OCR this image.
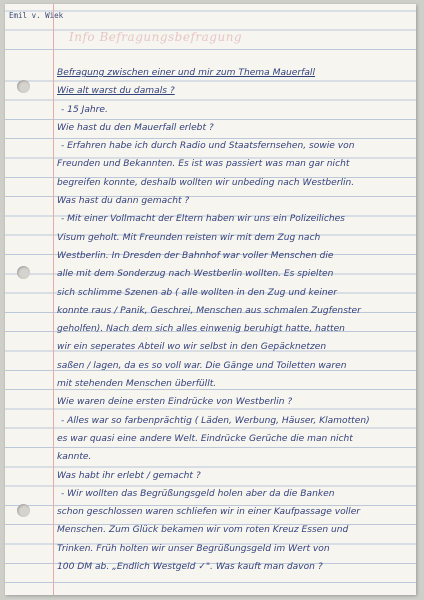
Emil v. Wiek
Info Befragungsbefragung
Befragung zwischen einer und mir zum Thema Mauerfall
Wie alt warst du damals ?
- 15 Jahre.
Wie hast du den Mauerfall erlebt ?
- Erfahren habe ich durch Radio und Staatsfernsehen, sowie von
Freunden und Bekannten. Es ist was passiert was man gar nicht
begreifen konnte, deshalb wollten wir unbeding nach Westberlin.
Was hast du dann gemacht ?
- Mit einer Vollmacht der Eltern haben wir uns ein Polizeiliches
Visum geholt. Mit Freunden reisten wir mit dem Zug nach
Westberlin. In Dresden der Bahnhof war voller Menschen die
alle mit dem Sonderzug nach Westberlin wollten. Es spielten
sich schlimme Szenen ab ( alle wollten in den Zug und keiner
konnte raus / Panik, Geschrei, Menschen aus schmalen Zugfenster
geholfen). Nach dem sich alles einwenig beruhigt hatte, hatten
wir ein seperates Abteil wo wir selbst in den Gepäcknetzen
saßen / lagen, da es so voll war. Die Gänge und Toiletten waren
mit stehenden Menschen überfüllt.
Wie waren deine ersten Eindrücke von Westberlin ?
- Alles war so farbenprächtig ( Läden, Werbung, Häuser, Klamotten)
es war quasi eine andere Welt. Eindrücke Gerüche die man nicht
kannte.
Was habt ihr erlebt / gemacht ?
- Wir wollten das Begrüßungsgeld holen aber da die Banken
schon geschlossen waren schliefen wir in einer Kaufpassage voller
Menschen. Zum Glück bekamen wir vom roten Kreuz Essen und
Trinken. Früh holten wir unser Begrüßungsgeld im Wert von
100 DM ab. „Endlich Westgeld ✓". Was kauft man davon ?
